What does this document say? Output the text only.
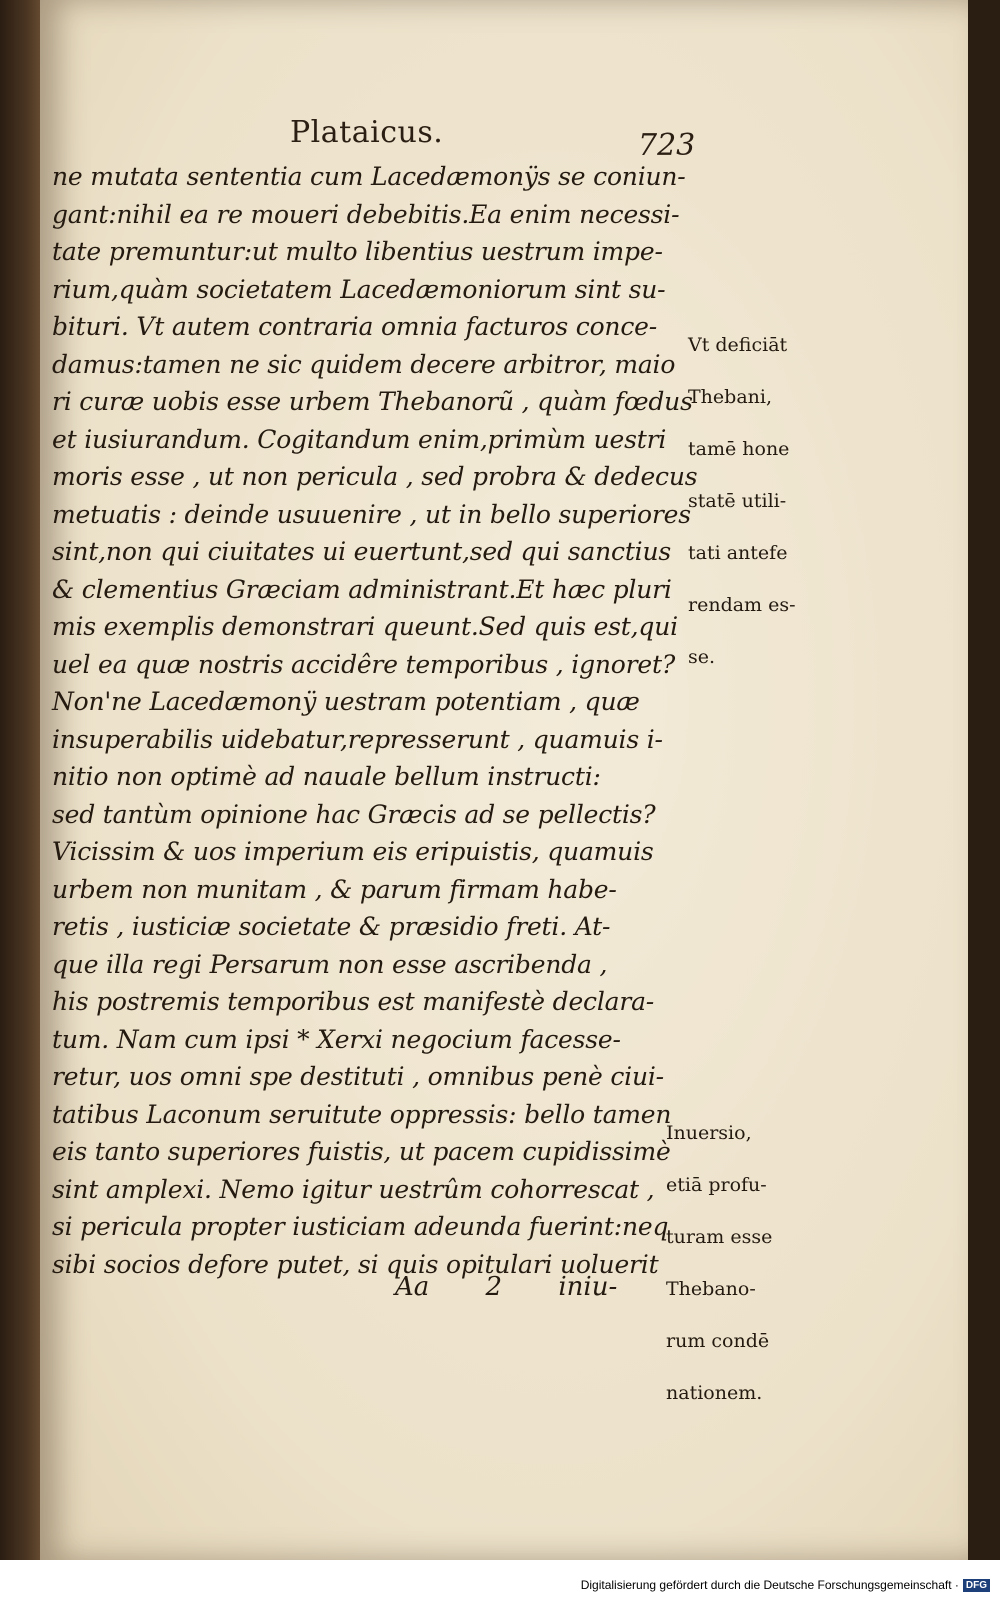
Plataicus.	723
ne mutata sententia cum Lacedæmonÿs se coniun-
gant:nihil ea re moueri debebitis.Ea enim necessi-
tate premuntur:ut multo libentius uestrum impe-
rium,quàm societatem Lacedæmoniorum sint su-
bituri. Vt autem contraria omnia facturos conce-
damus:tamen ne sic quidem decere arbitror, maio
ri curæ uobis esse urbem Thebanorũ , quàm fœdus
et iusiurandum. Cogitandum enim,primùm uestri
moris esse , ut non pericula , sed probra & dedecus
metuatis : deinde usuuenire , ut in bello superiores
sint,non qui ciuitates ui euertunt,sed qui sanctius
& clementius Græciam administrant.Et hæc pluri
mis exemplis demonstrari queunt.Sed quis est,qui
uel ea quæ nostris accidêre temporibus , ignoret?
Non'ne Lacedæmonÿ uestram potentiam , quæ
insuperabilis uidebatur,represserunt , quamuis i-
nitio non optimè ad nauale bellum instructi:
sed tantùm opinione hac Græcis ad se pellectis?
Vicissim & uos imperium eis eripuistis, quamuis
urbem non munitam , & parum firmam habe-
retis , iusticiæ societate & præsidio freti. At-
que illa regi Persarum non esse ascribenda ,
his postremis temporibus est manifestè declara-
tum. Nam cum ipsi * Xerxi negocium facesse-
retur, uos omni spe destituti , omnibus penè ciui-
tatibus Laconum seruitute oppressis: bello tamen
eis tanto superiores fuistis, ut pacem cupidissimè
sint amplexi. Nemo igitur uestrûm cohorrescat ,
si pericula propter iusticiam adeunda fuerint:neq
sibi socios defore putet, si quis opitulari uoluerit
Vt deficiāt

Thebani,

tamē hone

statē utili-

tati antefe

rendam es-

se.
Inuersio,

etiā profu-

turam esse

Thebano-

rum condē

nationem.
Aa 2 iniu-
Digitalisierung gefördert durch die Deutsche Forschungsgemeinschaft · DFG
